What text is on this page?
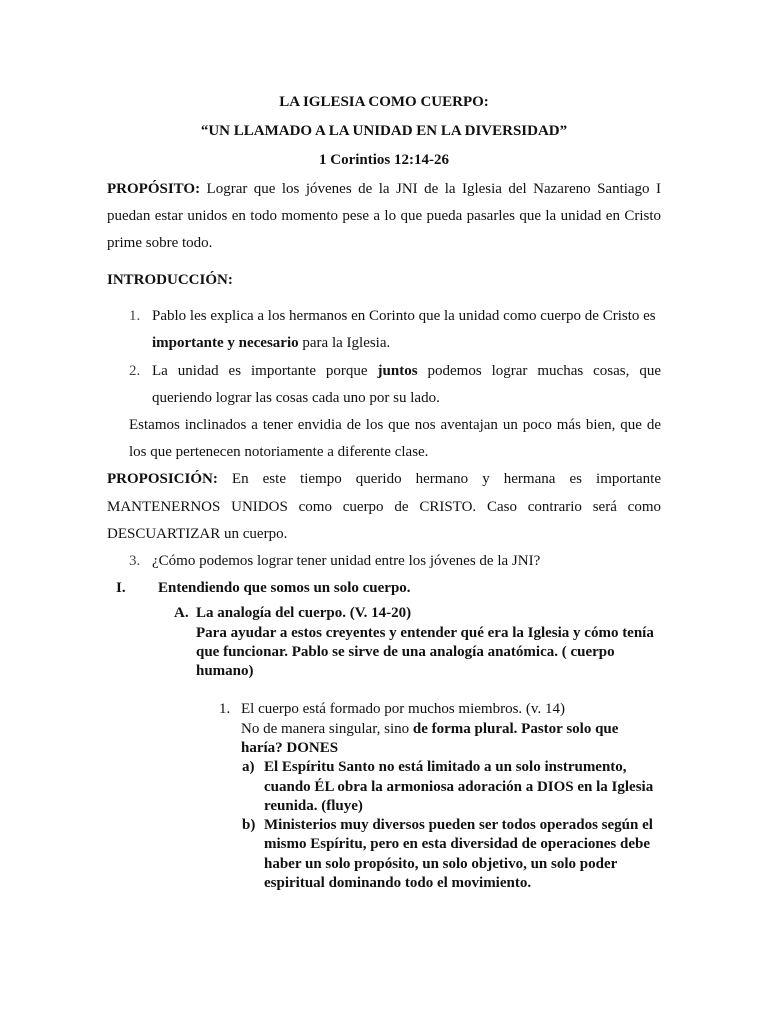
LA IGLESIA COMO CUERPO:
“UN LLAMADO A LA UNIDAD EN LA DIVERSIDAD”
1 Corintios 12:14-26
PROPÓSITO: Lograr que los jóvenes de la JNI de la Iglesia del Nazareno Santiago I
puedan estar unidos en todo momento pese a lo que pueda pasarles que la unidad en Cristo
prime sobre todo.
INTRODUCCIÓN:
1. Pablo les explica a los hermanos en Corinto que la unidad como cuerpo de Cristo es
importante y necesario para la Iglesia.
2. La unidad es importante porque juntos podemos lograr muchas cosas, que
queriendo lograr las cosas cada uno por su lado.
Estamos inclinados a tener envidia de los que nos aventajan un poco más bien, que de
los que pertenecen notoriamente a diferente clase.
PROPOSICIÓN: En este tiempo querido hermano y hermana es importante
MANTENERNOS UNIDOS como cuerpo de CRISTO. Caso contrario será como
DESCUARTIZAR un cuerpo.
3. ¿Cómo podemos lograr tener unidad entre los jóvenes de la JNI?
I. Entendiendo que somos un solo cuerpo.
A. La analogía del cuerpo. (V. 14-20)
Para ayudar a estos creyentes y entender qué era la Iglesia y cómo tenía
que funcionar. Pablo se sirve de una analogía anatómica. ( cuerpo
humano)
1. El cuerpo está formado por muchos miembros. (v. 14)
No de manera singular, sino de forma plural. Pastor solo que
haría? DONES
a) El Espíritu Santo no está limitado a un solo instrumento,
cuando ÉL obra la armoniosa adoración a DIOS en la Iglesia
reunida. (fluye)
b) Ministerios muy diversos pueden ser todos operados según el
mismo Espíritu, pero en esta diversidad de operaciones debe
haber un solo propósito, un solo objetivo, un solo poder
espiritual dominando todo el movimiento.
